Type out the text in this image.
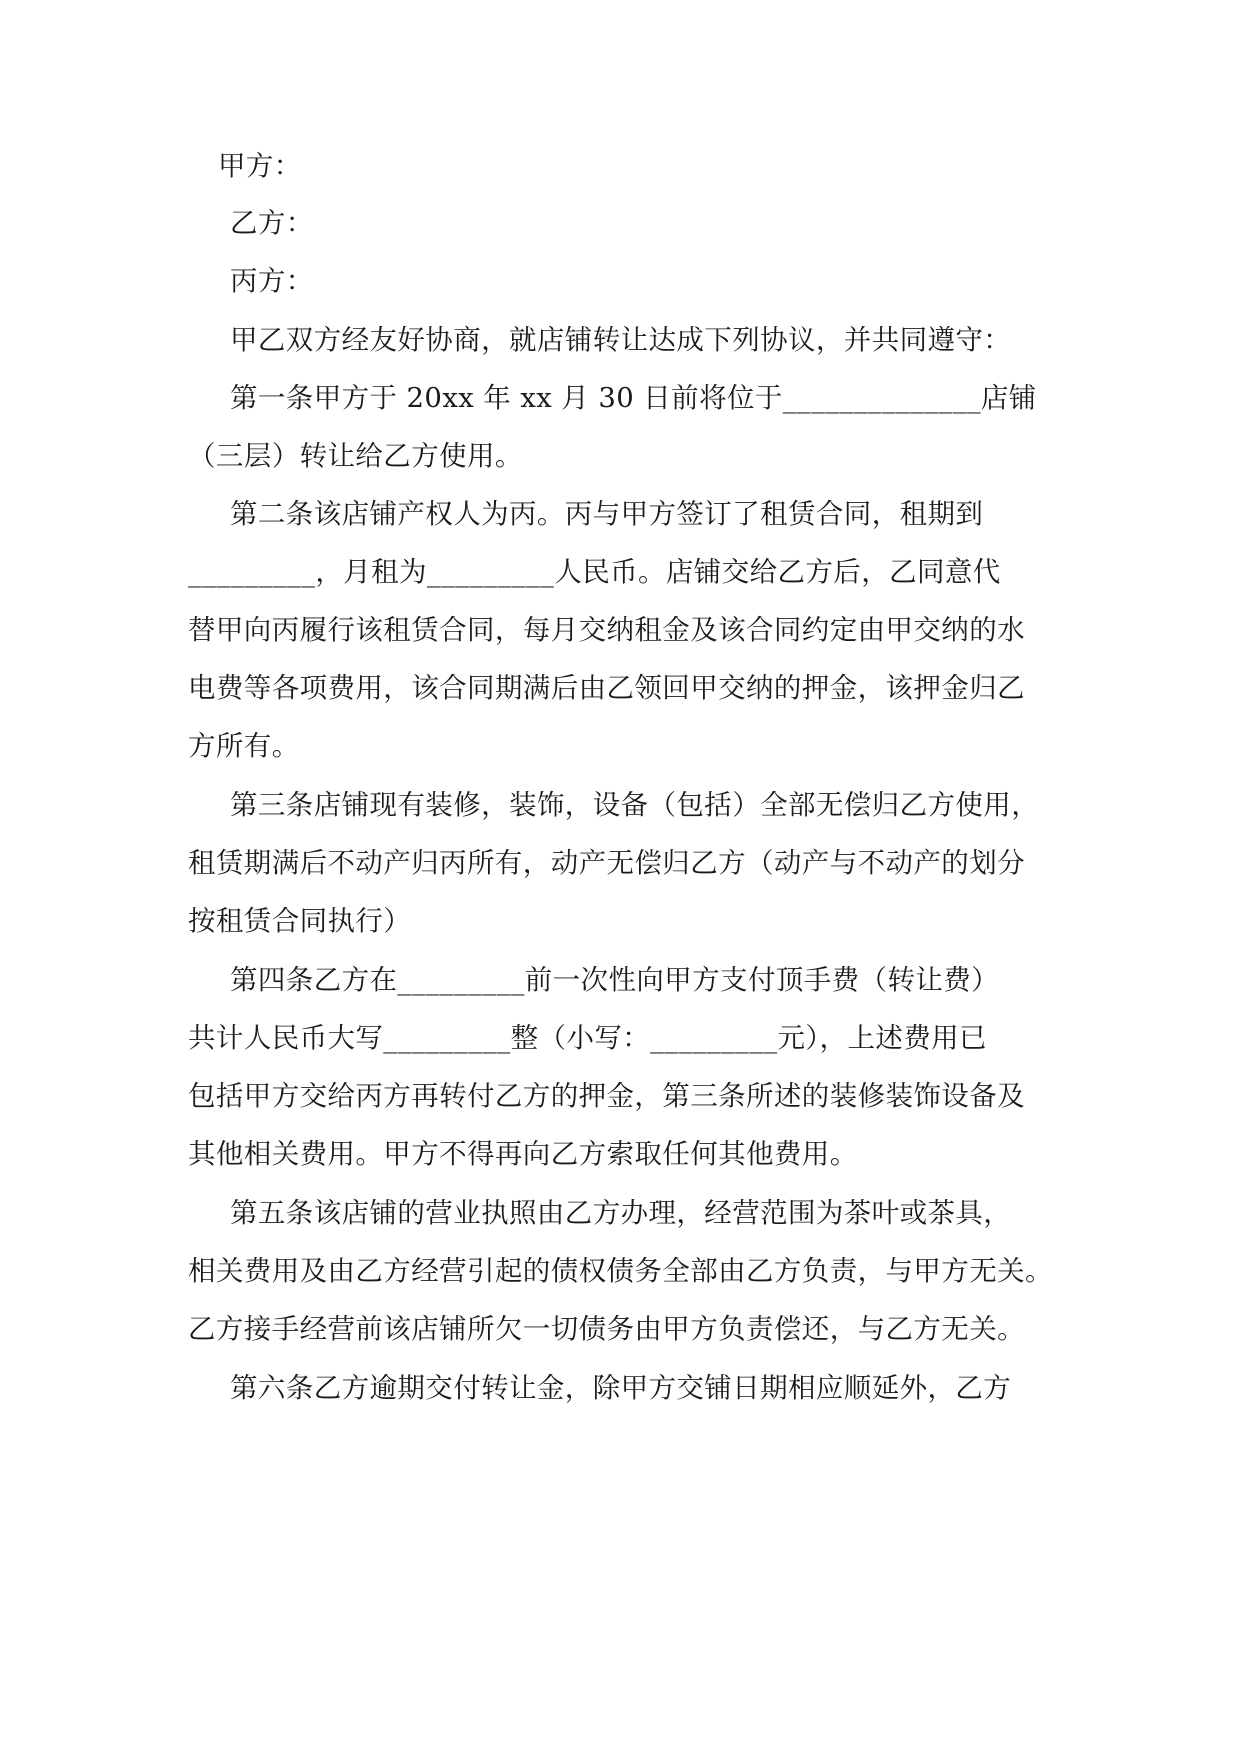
甲方：
乙方：
丙方：
甲乙双方经友好协商，就店铺转让达成下列协议，并共同遵守：
第一条甲方于 20xx 年 xx 月 30 日前将位于______________店铺
（三层）转让给乙方使用。
第二条该店铺产权人为丙。丙与甲方签订了租赁合同，租期到
_________，月租为_________人民币。店铺交给乙方后，乙同意代
替甲向丙履行该租赁合同，每月交纳租金及该合同约定由甲交纳的水
电费等各项费用，该合同期满后由乙领回甲交纳的押金，该押金归乙
方所有。
第三条店铺现有装修，装饰，设备（包括）全部无偿归乙方使用，
租赁期满后不动产归丙所有，动产无偿归乙方（动产与不动产的划分
按租赁合同执行）
第四条乙方在_________前一次性向甲方支付顶手费（转让费）
共计人民币大写_________整（小写：_________元），上述费用已
包括甲方交给丙方再转付乙方的押金，第三条所述的装修装饰设备及
其他相关费用。甲方不得再向乙方索取任何其他费用。
第五条该店铺的营业执照由乙方办理，经营范围为茶叶或茶具，
相关费用及由乙方经营引起的债权债务全部由乙方负责，与甲方无关。
乙方接手经营前该店铺所欠一切债务由甲方负责偿还，与乙方无关。
第六条乙方逾期交付转让金，除甲方交铺日期相应顺延外，乙方
